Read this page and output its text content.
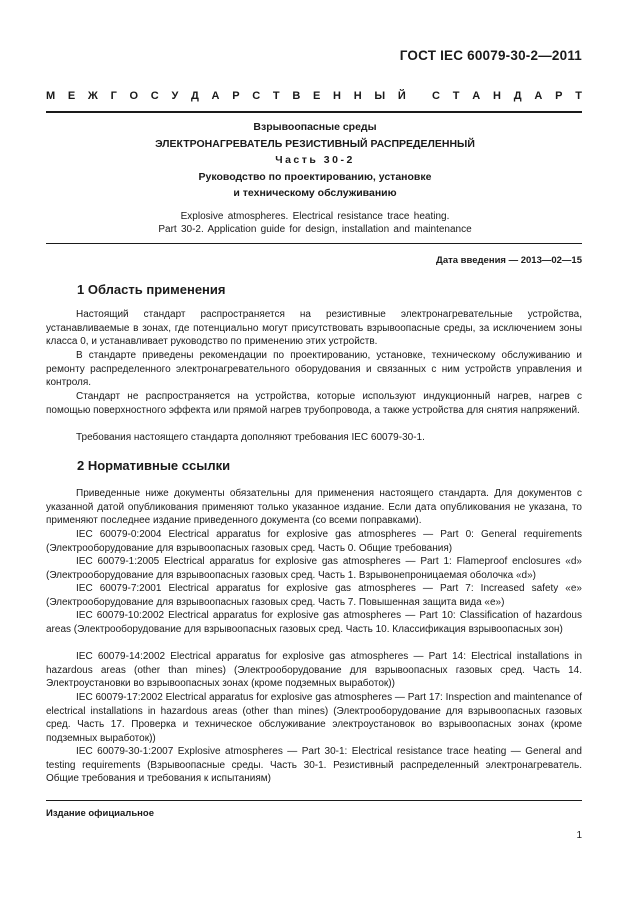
ГОСТ IEC 60079-30-2—2011
М Е Ж Г О С У Д А Р С Т В Е Н Н Ы Й С Т А Н Д А Р Т
Взрывоопасные среды
ЭЛЕКТРОНАГРЕВАТЕЛЬ РЕЗИСТИВНЫЙ РАСПРЕДЕЛЕННЫЙ
Часть 30-2
Руководство по проектированию, установке
и техническому обслуживанию
Explosive atmospheres. Electrical resistance trace heating.
Part 30-2. Application guide for design, installation and maintenance
Дата введения — 2013—02—15
1 Область применения

Настоящий стандарт распространяется на резистивные электронагревательные устройства, устанавливаемые в зонах, где потенциально могут присутствовать взрывоопасные среды, за исключением зоны класса 0, и устанавливает руководство по применению этих устройств.

В стандарте приведены рекомендации по проектированию, установке, техническому обслуживанию и ремонту распределенного электронагревательного оборудования и связанных с ним устройств управления и контроля.

Стандарт не распространяется на устройства, которые используют индукционный нагрев, нагрев с помощью поверхностного эффекта или прямой нагрев трубопровода, а также устройства для снятия напряжений.

Требования настоящего стандарта дополняют требования IEC 60079-30-1.

2 Нормативные ссылки

Приведенные ниже документы обязательны для применения настоящего стандарта. Для документов с указанной датой опубликования применяют только указанное издание. Если дата опубликования не указана, то применяют последнее издание приведенного документа (со всеми поправками).

IEC 60079-0:2004 Electrical apparatus for explosive gas atmospheres — Part 0: General requirements (Электрооборудование для взрывоопасных газовых сред. Часть 0. Общие требования)

IEC 60079-1:2005 Electrical apparatus for explosive gas atmospheres — Part 1: Flameproof enclosures «d» (Электрооборудование для взрывоопасных газовых сред. Часть 1. Взрывонепроницаемая оболочка «d»)

IEC 60079-7:2001 Electrical apparatus for explosive gas atmospheres — Part 7: Increased safety «e» (Электрооборудование для взрывоопасных газовых сред. Часть 7. Повышенная защита вида «e»)

IEC 60079-10:2002 Electrical apparatus for explosive gas atmospheres — Part 10: Classification of hazardous areas (Электрооборудование для взрывоопасных газовых сред. Часть 10. Классификация взрывоопасных зон)

IEC 60079-14:2002 Electrical apparatus for explosive gas atmospheres — Part 14: Electrical installations in hazardous areas (other than mines) (Электрооборудование для взрывоопасных газовых сред. Часть 14. Электроустановки во взрывоопасных зонах (кроме подземных выработок))

IEC 60079-17:2002 Electrical apparatus for explosive gas atmospheres — Part 17: Inspection and maintenance of electrical installations in hazardous areas (other than mines) (Электрооборудование для взрывоопасных газовых сред. Часть 17. Проверка и техническое обслуживание электроустановок во взрывоопасных зонах (кроме подземных выработок))

IEC 60079-30-1:2007 Explosive atmospheres — Part 30-1: Electrical resistance trace heating — General and testing requirements (Взрывоопасные среды. Часть 30-1. Резистивный распределенный электронагреватель. Общие требования и требования к испытаниям)

Издание официальное
1
